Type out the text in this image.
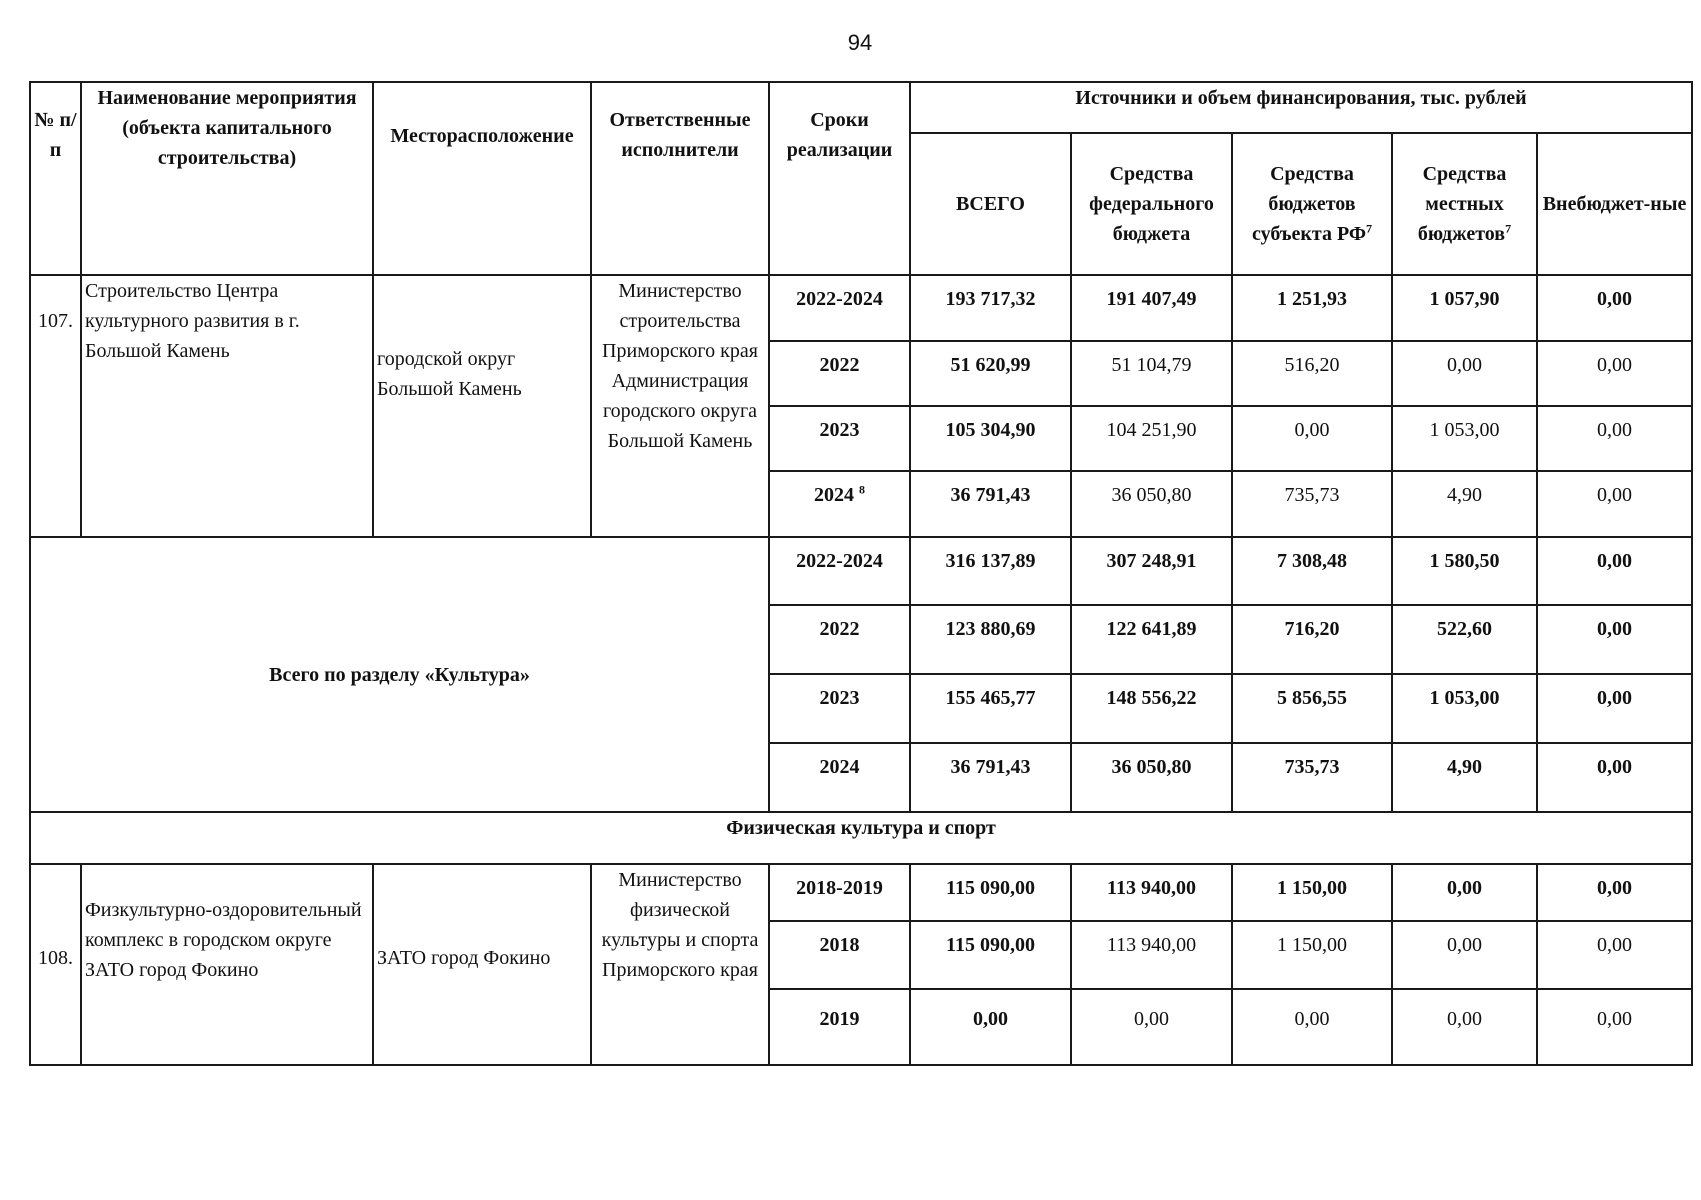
94
№ п/п	Наименование мероприятия (объекта капитального строительства)	Месторасположение	Ответственные исполнители	Сроки реализации	Источники и объем финансирования, тыс. рублей				
					ВСЕГО	Средства федерального бюджета	Средства бюджетов субъекта $РФ^7$	Средства местных бюджетов$^7$	Внебюджет-ные
107.	Строительство Центра культурного развития в г. Большой Камень	городской округ Большой Камень	Министерство строительства Приморского края Администрация городского округа Большой Камень	2022-2024	193 717,32	191 407,49	1 251,93	1 057,90	0,00
				2022	51 620,99	51 104,79	516,20	0,00	0,00
				2023	105 304,90	104 251,90	0,00	1 053,00	0,00
				2024 $^8$	36 791,43	36 050,80	735,73	4,90	0,00
Всего по разделу «Культура»				2022-2024	316 137,89	307 248,91	7 308,48	1 580,50	0,00
				2022	123 880,69	122 641,89	716,20	522,60	0,00
				2023	155 465,77	148 556,22	5 856,55	1 053,00	0,00
				2024	36 791,43	36 050,80	735,73	4,90	0,00
Физическая культура и спорт									
108.	Физкультурно-оздоровительный комплекс в городском округе ЗАТО город Фокино	ЗАТО город Фокино	Министерство физической культуры и спорта Приморского края	2018-2019	115 090,00	113 940,00	1 150,00	0,00	0,00
				2018	115 090,00	113 940,00	1 150,00	0,00	0,00
				2019	0,00	0,00	0,00	0,00	0,00
